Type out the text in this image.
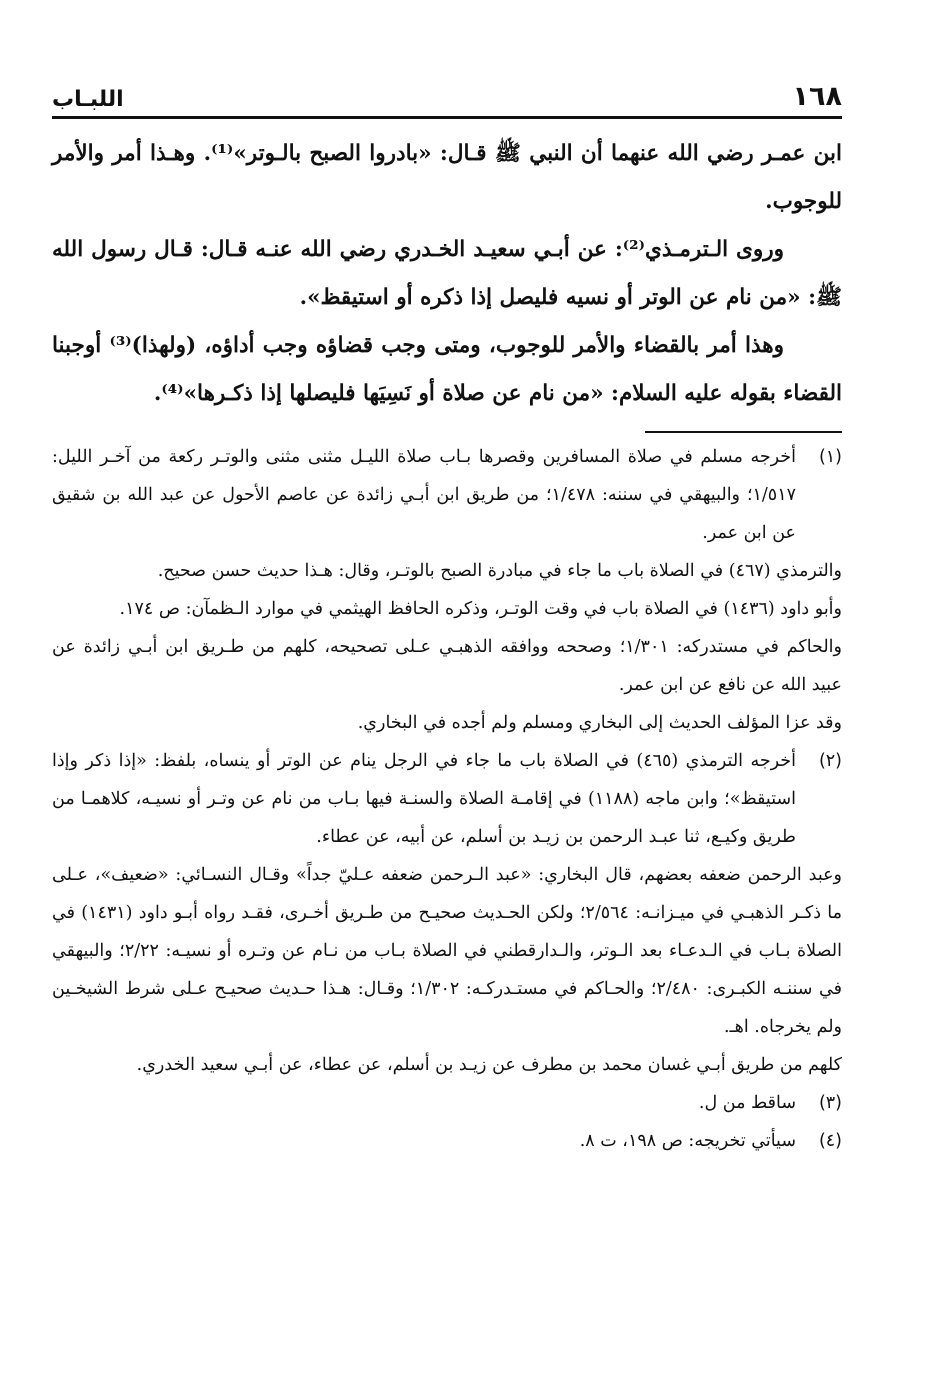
١٦٨
اللبـاب

ابن عمـر رضي الله عنهما أن النبي ﷺ قـال: «بادروا الصبح بالـوتر»⁽¹⁾. وهـذا أمر والأمر للوجوب.

وروى الـترمـذي⁽²⁾: عن أبـي سعيـد الخـدري رضي الله عنـه قـال: قـال رسول الله ﷺ: «من نام عن الوتر أو نسيه فليصل إذا ذكره أو استيقظ».

وهذا أمر بالقضاء والأمر للوجوب، ومتى وجب قضاؤه وجب أداؤه، (ولهذا)⁽³⁾ أوجبنا القضاء بقوله عليه السلام: «من نام عن صلاة أو نَسِيَها فليصلها إذا ذكـرها»⁽⁴⁾.

(١)

أخرجه مسلم في صلاة المسافرين وقصرها بـاب صلاة الليـل مثنى مثنى والوتـر ركعة من آخـر الليل: ١/٥١٧؛ والبيهقي في سننه: ١/٤٧٨؛ من طريق ابن أبـي زائدة عن عاصم الأحول عن عبد الله بن شقيق عن ابن عمر.

والترمذي (٤٦٧) في الصلاة باب ما جاء في مبادرة الصبح بالوتـر، وقال: هـذا حديث حسن صحيح.

وأبو داود (١٤٣٦) في الصلاة باب في وقت الوتـر، وذكره الحافظ الهيثمي في موارد الـظمآن: ص ١٧٤.

والحاكم في مستدركه: ١/٣٠١؛ وصححه ووافقه الذهبـي عـلى تصحيحه، كلهم من طـريق ابن أبـي زائدة عن عبيد الله عن نافع عن ابن عمر.

وقد عزا المؤلف الحديث إلى البخاري ومسلم ولم أجده في البخاري.

(٢)

أخرجه الترمذي (٤٦٥) في الصلاة باب ما جاء في الرجل ينام عن الوتر أو ينساه، بلفظ: «إذا ذكر وإذا استيقظ»؛ وابن ماجه (١١٨٨) في إقامـة الصلاة والسنـة فيها بـاب من نام عن وتـر أو نسيـه، كلاهمـا من طريق وكيـع، ثنا عبـد الرحمن بن زيـد بن أسلم، عن أبيه، عن عطاء.

وعبد الرحمن ضعفه بعضهم، قال البخاري: «عبد الـرحمن ضعفه عـليّ جداً» وقـال النسـائي: «ضعيف»، عـلى ما ذكـر الذهبـي في ميـزانـه: ٢/٥٦٤؛ ولكن الحـديث صحيـح من طـريق أخـرى، فقـد رواه أبـو داود (١٤٣١) في الصلاة بـاب في الـدعـاء بعد الـوتر، والـدارقطني في الصلاة بـاب من نـام عن وتـره أو نسيـه: ٢/٢٢؛ والبيهقي في سننـه الكبـرى: ٢/٤٨٠؛ والحـاكم في مستـدركـه: ١/٣٠٢؛ وقـال: هـذا حـديث صحيـح عـلى شرط الشيخـين ولم يخرجاه. اهـ.

كلهم من طريق أبـي غسان محمد بن مطرف عن زيـد بن أسلم، عن عطاء، عن أبـي سعيد الخدري.

(٣)

ساقط من ل.

(٤)

سيأتي تخريجه: ص ١٩٨، ت ٨.
